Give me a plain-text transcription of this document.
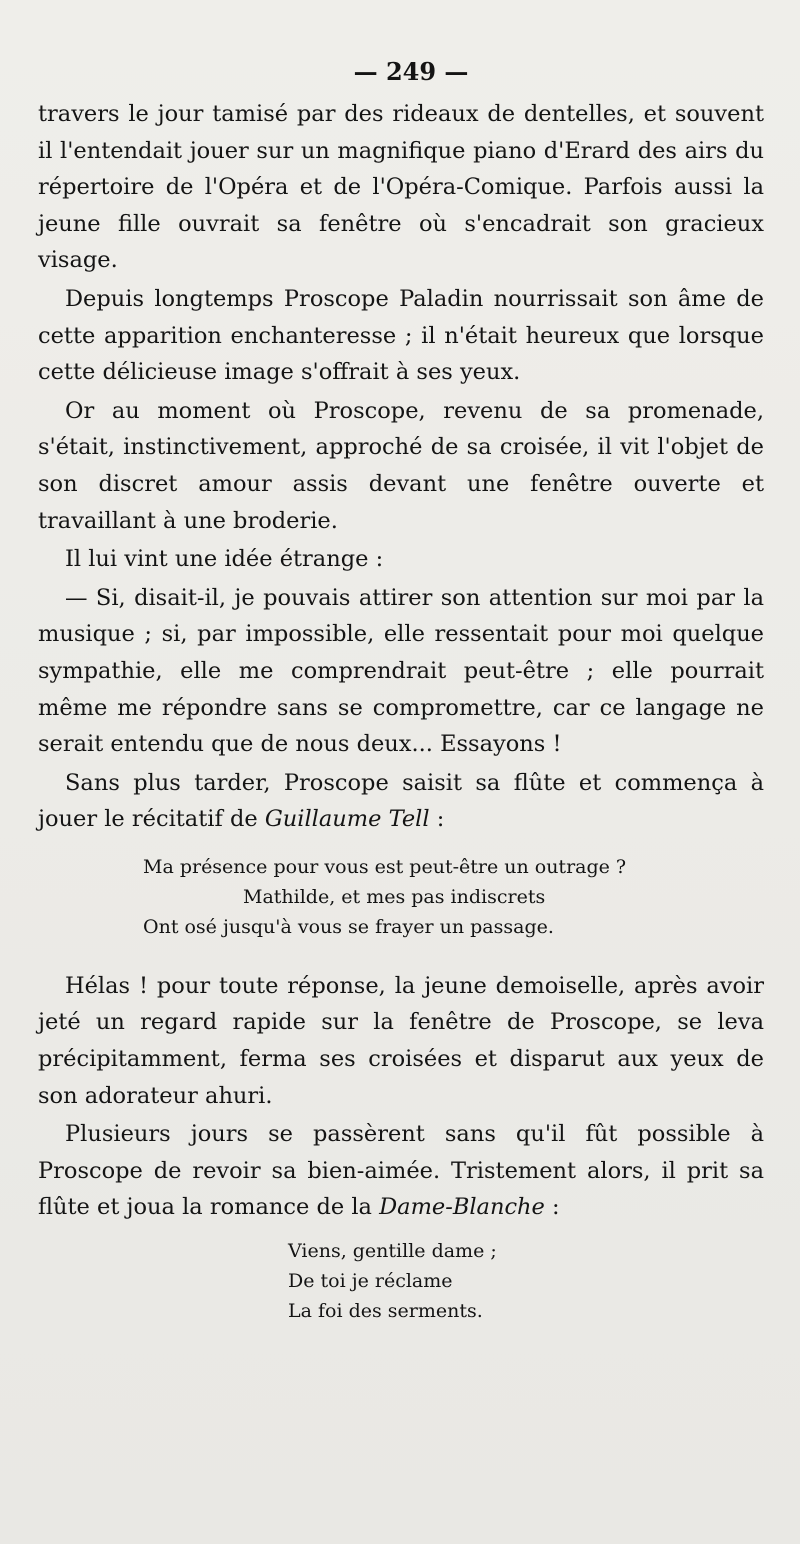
— 249 —

travers le jour tamisé par des rideaux de dentelles, et souvent il l'entendait jouer sur un magnifique piano d'Erard des airs du répertoire de l'Opéra et de l'Opéra-Comique. Parfois aussi la jeune fille ouvrait sa fenêtre où s'encadrait son gracieux visage.

Depuis longtemps Proscope Paladin nourrissait son âme de cette apparition enchanteresse ; il n'était heureux que lorsque cette délicieuse image s'offrait à ses yeux.

Or au moment où Proscope, revenu de sa promenade, s'était, instinctivement, approché de sa croisée, il vit l'objet de son discret amour assis devant une fenêtre ouverte et travaillant à une broderie.

Il lui vint une idée étrange :

— Si, disait-il, je pouvais attirer son attention sur moi par la musique ; si, par impossible, elle ressentait pour moi quelque sympathie, elle me comprendrait peut-être ; elle pourrait même me répondre sans se compromettre, car ce langage ne serait entendu que de nous deux... Essayons !

Sans plus tarder, Proscope saisit sa flûte et commença à jouer le récitatif de Guillaume Tell :

Ma présence pour vous est peut-être un outrage ?
Mathilde, et mes pas indiscrets
Ont osé jusqu'à vous se frayer un passage.

Hélas ! pour toute réponse, la jeune demoiselle, après avoir jeté un regard rapide sur la fenêtre de Proscope, se leva précipitamment, ferma ses croisées et disparut aux yeux de son adorateur ahuri.

Plusieurs jours se passèrent sans qu'il fût possible à Proscope de revoir sa bien-aimée. Tristement alors, il prit sa flûte et joua la romance de la Dame-Blanche :

Viens, gentille dame ;
De toi je réclame
La foi des serments.
